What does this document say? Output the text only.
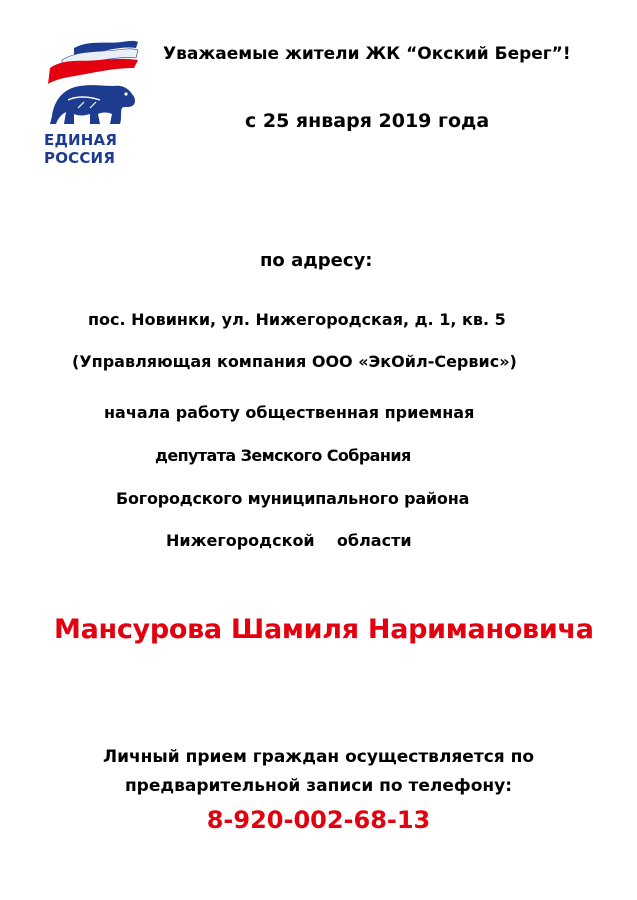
ЕДИНАЯ
РОССИЯ
Уважаемые жители ЖК “Окский Берег”!
с 25 января 2019 года
по адресу:
пос. Новинки, ул. Нижегородская, д. 1, кв. 5
(Управляющая компания ООО «ЭкОйл-Сервис»)
начала работу общественная приемная
депутата Земского Собрания
Богородского муниципального района
Нижегородской    области
Мансурова Шамиля Наримановича
Личный прием граждан осуществляется по
предварительной записи по телефону:
8-920-002-68-13
